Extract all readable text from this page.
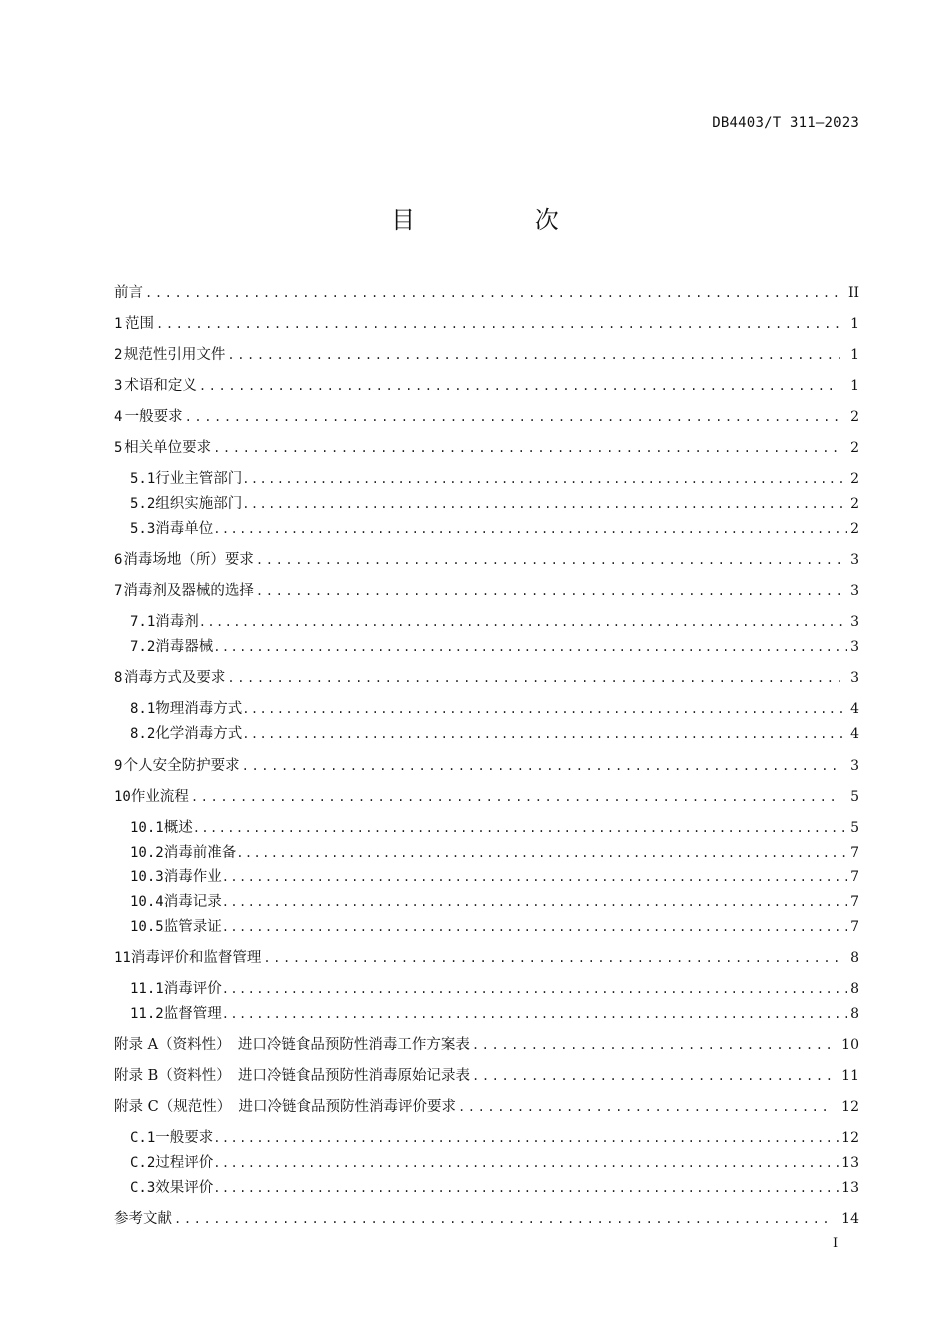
DB4403/T 311—2023
目 次
前言 .....	II
1 范围 .....	1
2 规范性引用文件 .....	1
3 术语和定义 .....	1
4 一般要求 .....	2
5 相关单位要求 .....	2
5.1 行业主管部门 .....	2
5.2 组织实施部门 .....	2
5.3 消毒单位 .....	2
6 消毒场地（所）要求 .....	3
7 消毒剂及器械的选择 .....	3
7.1 消毒剂 .....	3
7.2 消毒器械 .....	3
8 消毒方式及要求 .....	3
8.1 物理消毒方式 .....	4
8.2 化学消毒方式 .....	4
9 个人安全防护要求 .....	3
10 作业流程 .....	5
10.1 概述 .....	5
10.2 消毒前准备 .....	7
10.3 消毒作业 .....	7
10.4 消毒记录 .....	7
10.5 监管录证 .....	7
11 消毒评价和监督管理 .....	8
11.1 消毒评价 .....	8
11.2 监督管理 .....	8
附录 A（资料性）　进口冷链食品预防性消毒工作方案表 .....	10
附录 B（资料性）　进口冷链食品预防性消毒原始记录表 .....	11
附录 C（规范性）　进口冷链食品预防性消毒评价要求 .....	12
C.1 一般要求 .....	12
C.2 过程评价 .....	13
C.3 效果评价 .....	13
参考文献 .....	14
I
